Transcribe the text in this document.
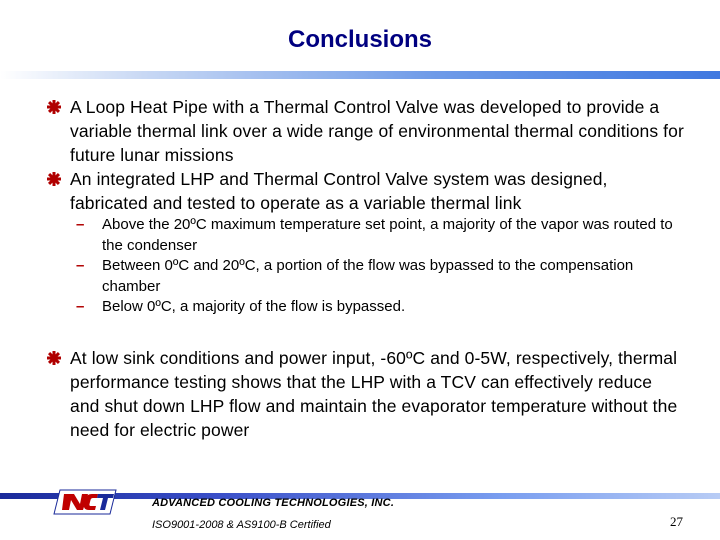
Conclusions
A Loop Heat Pipe with a Thermal Control Valve was developed to provide a variable thermal link over a wide range of environmental thermal conditions for future lunar missions
An integrated LHP and Thermal Control Valve system was designed, fabricated and tested to operate as a variable thermal link
– Above the 20ºC maximum temperature set point, a majority of the vapor was routed to the condenser
– Between 0ºC and 20ºC, a portion of the flow was bypassed to the compensation chamber
– Below 0ºC, a majority of the flow is bypassed.
At low sink conditions and power input, -60ºC and 0-5W, respectively, thermal performance testing shows that the LHP with a TCV can effectively reduce and shut down LHP flow and maintain the evaporator temperature without the need for electric power
ADVANCED COOLING TECHNOLOGIES, INC.
ISO9001-2008 & AS9100-B Certified	27
